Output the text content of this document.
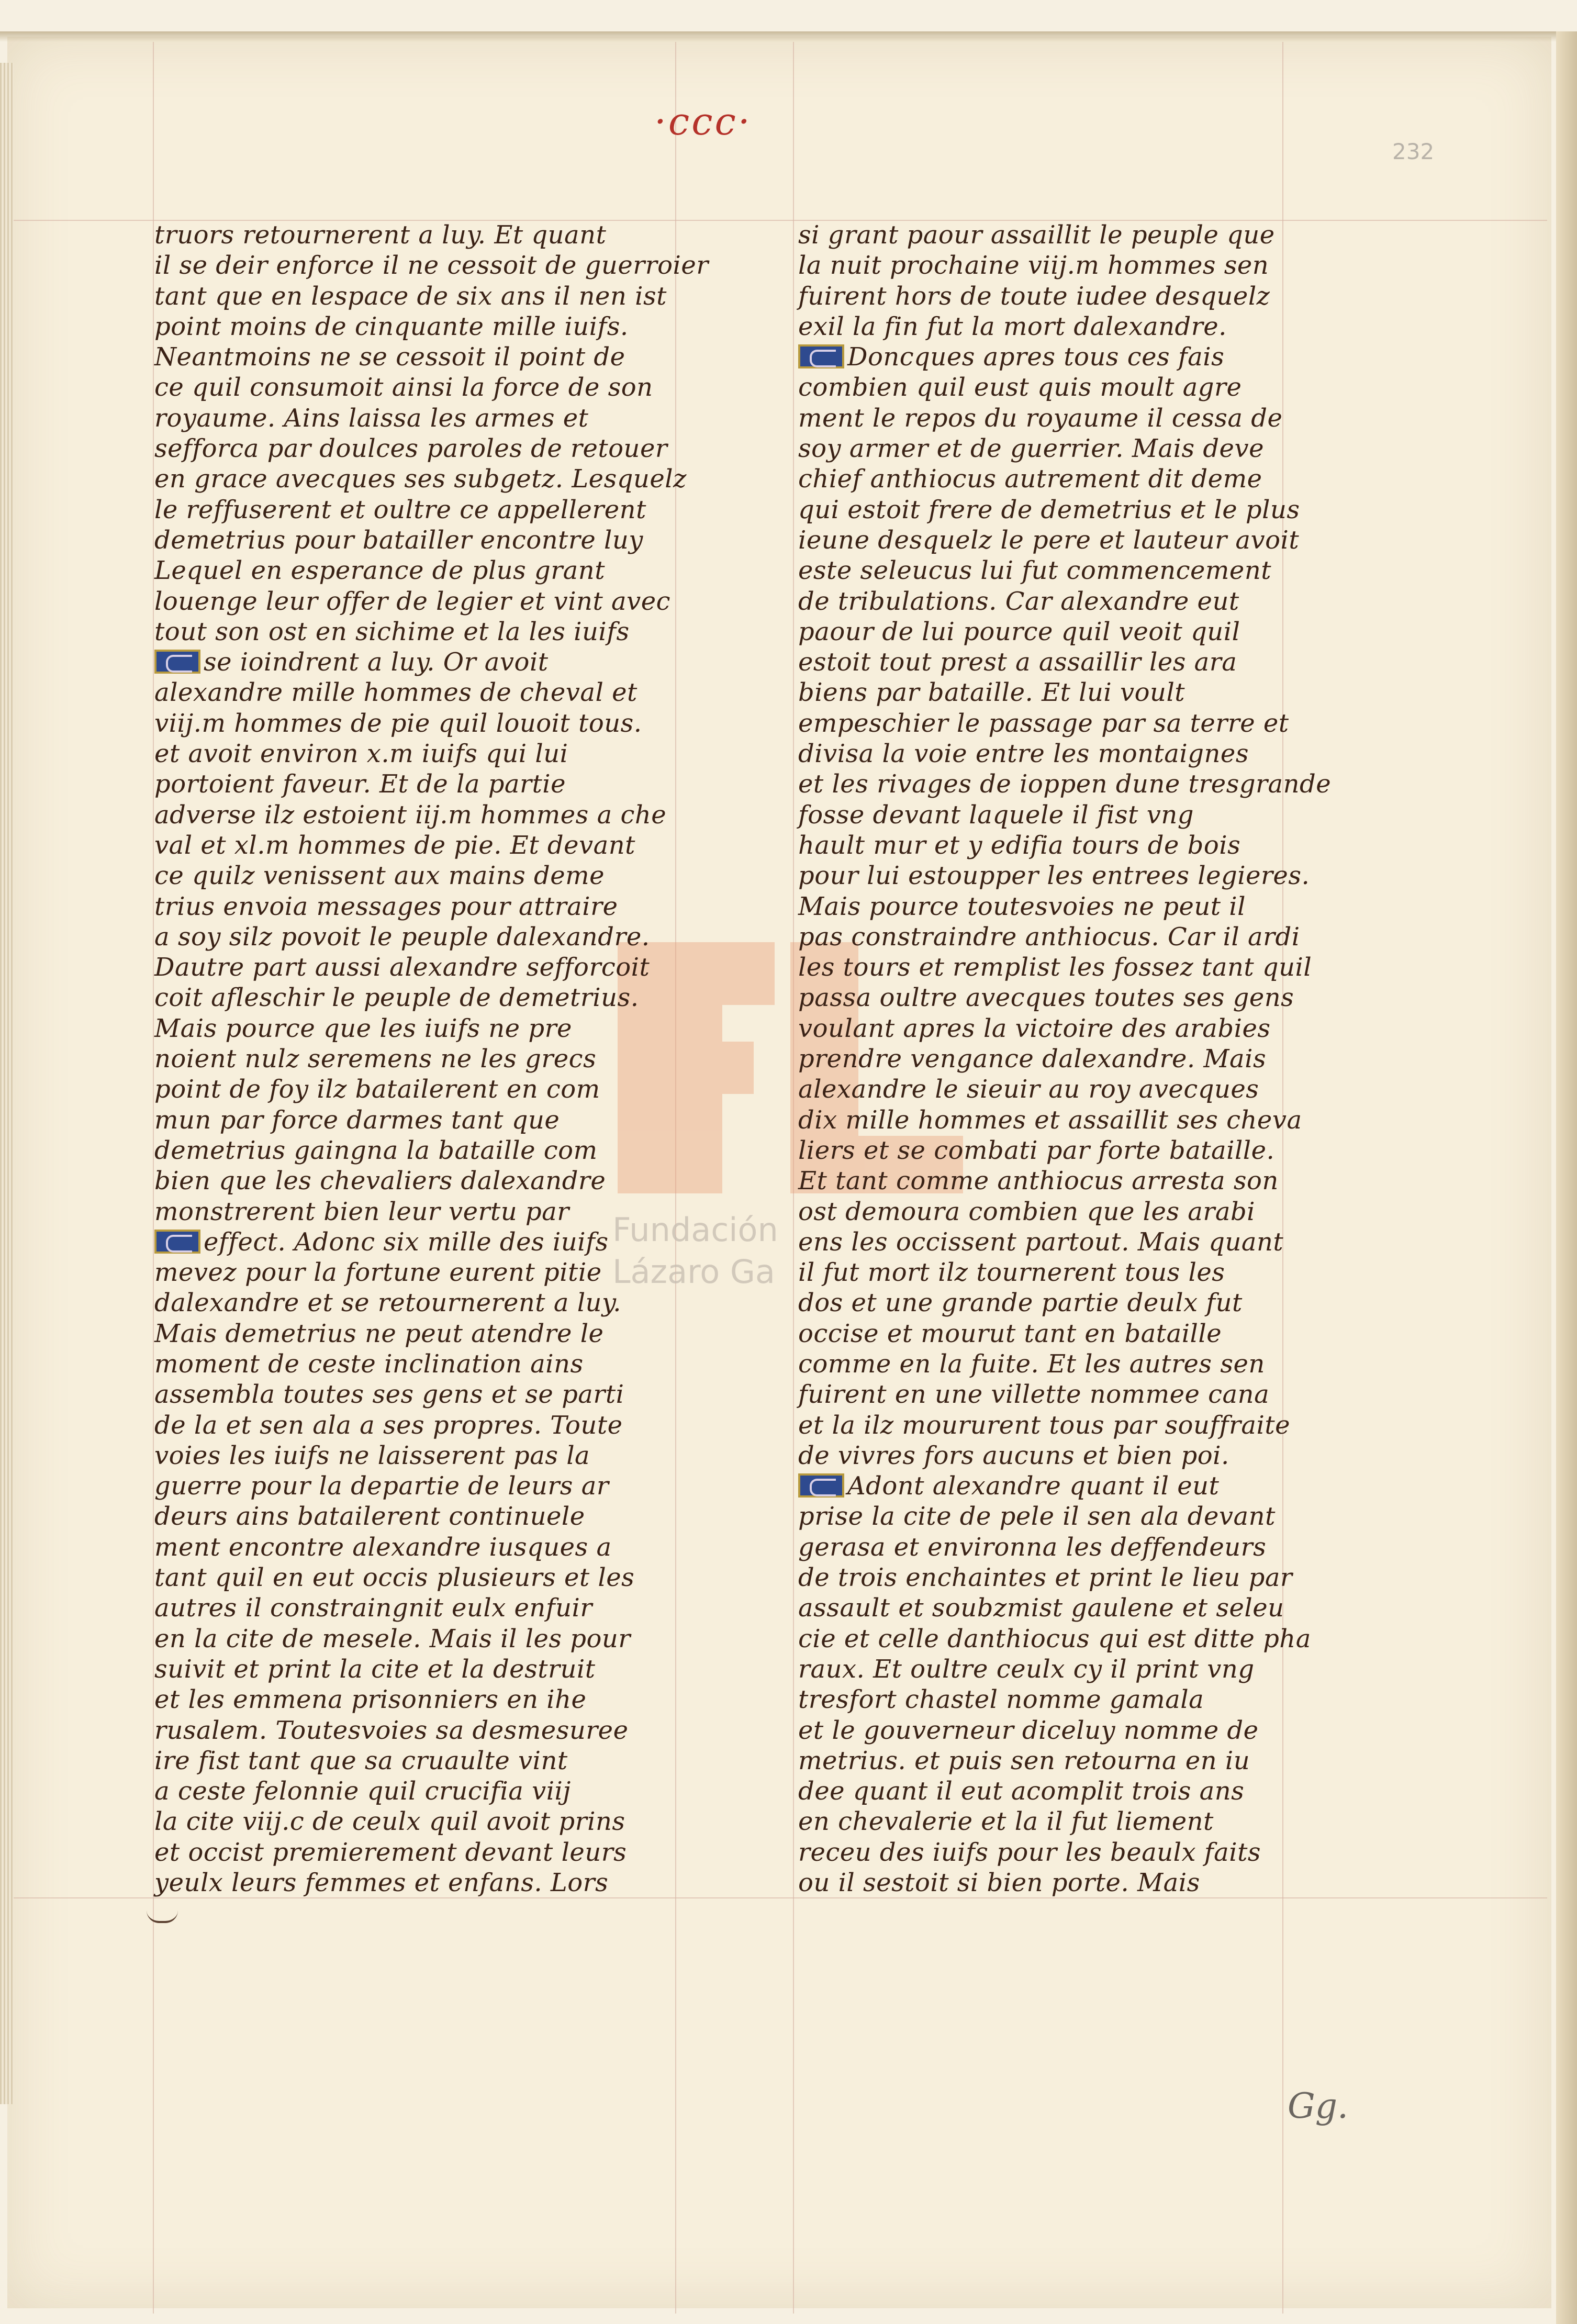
·ccc·
232
Fundación
Lázaro Ga
truors retournerent a luy. Et quant
il se deir enforce il ne cessoit de guerroier
tant que en lespace de six ans il nen ist
point moins de cinquante mille iuifs.
Neantmoins ne se cessoit il point de
ce quil consumoit ainsi la force de son
royaume. Ains laissa les armes et
sefforca par doulces paroles de retouer
en grace avecques ses subgetz. Lesquelz
le reffuserent et oultre ce appellerent
demetrius pour batailler encontre luy
Lequel en esperance de plus grant
louenge leur offer de legier et vint avec
tout son ost en sichime et la les iuifs
se ioindrent a luy. Or avoit
alexandre mille hommes de cheval et
viij.m hommes de pie quil louoit tous.
et avoit environ x.m iuifs qui lui
portoient faveur. Et de la partie
adverse ilz estoient iij.m hommes a che
val et xl.m hommes de pie. Et devant
ce quilz venissent aux mains deme
trius envoia messages pour attraire
a soy silz povoit le peuple dalexandre.
Dautre part aussi alexandre sefforcoit
coit afleschir le peuple de demetrius.
Mais pource que les iuifs ne pre
noient nulz seremens ne les grecs
point de foy ilz batailerent en com
mun par force darmes tant que
demetrius gaingna la bataille com
bien que les chevaliers dalexandre
monstrerent bien leur vertu par
effect. Adonc six mille des iuifs
mevez pour la fortune eurent pitie
dalexandre et se retournerent a luy.
Mais demetrius ne peut atendre le
moment de ceste inclination ains
assembla toutes ses gens et se parti
de la et sen ala a ses propres. Toute
voies les iuifs ne laisserent pas la
guerre pour la departie de leurs ar
deurs ains batailerent continuele
ment encontre alexandre iusques a
tant quil en eut occis plusieurs et les
autres il constraingnit eulx enfuir
en la cite de mesele. Mais il les pour
suivit et print la cite et la destruit
et les emmena prisonniers en ihe
rusalem. Toutesvoies sa desmesuree
ire fist tant que sa cruaulte vint
a ceste felonnie quil crucifia viij
la cite viij.c de ceulx quil avoit prins
et occist premierement devant leurs
yeulx leurs femmes et enfans. Lors
si grant paour assaillit le peuple que
la nuit prochaine viij.m hommes sen
fuirent hors de toute iudee desquelz
exil la fin fut la mort dalexandre.
Doncques apres tous ces fais
combien quil eust quis moult agre
ment le repos du royaume il cessa de
soy armer et de guerrier. Mais deve
chief anthiocus autrement dit deme
qui estoit frere de demetrius et le plus
ieune desquelz le pere et lauteur avoit
este seleucus lui fut commencement
de tribulations. Car alexandre eut
paour de lui pource quil veoit quil
estoit tout prest a assaillir les ara
biens par bataille. Et lui voult
empeschier le passage par sa terre et
divisa la voie entre les montaignes
et les rivages de ioppen dune tresgrande
fosse devant laquele il fist vng
hault mur et y edifia tours de bois
pour lui estoupper les entrees legieres.
Mais pource toutesvoies ne peut il
pas constraindre anthiocus. Car il ardi
les tours et remplist les fossez tant quil
passa oultre avecques toutes ses gens
voulant apres la victoire des arabies
prendre vengance dalexandre. Mais
alexandre le sieuir au roy avecques
dix mille hommes et assaillit ses cheva
liers et se combati par forte bataille.
Et tant comme anthiocus arresta son
ost demoura combien que les arabi
ens les occissent partout. Mais quant
il fut mort ilz tournerent tous les
dos et une grande partie deulx fut
occise et mourut tant en bataille
comme en la fuite. Et les autres sen
fuirent en une villette nommee cana
et la ilz moururent tous par souffraite
de vivres fors aucuns et bien poi.
Adont alexandre quant il eut
prise la cite de pele il sen ala devant
gerasa et environna les deffendeurs
de trois enchaintes et print le lieu par
assault et soubzmist gaulene et seleu
cie et celle danthiocus qui est ditte pha
raux. Et oultre ceulx cy il print vng
tresfort chastel nomme gamala
et le gouverneur diceluy nomme de
metrius. et puis sen retourna en iu
dee quant il eut acomplit trois ans
en chevalerie et la il fut liement
receu des iuifs pour les beaulx faits
ou il sestoit si bien porte. Mais
Gg.
